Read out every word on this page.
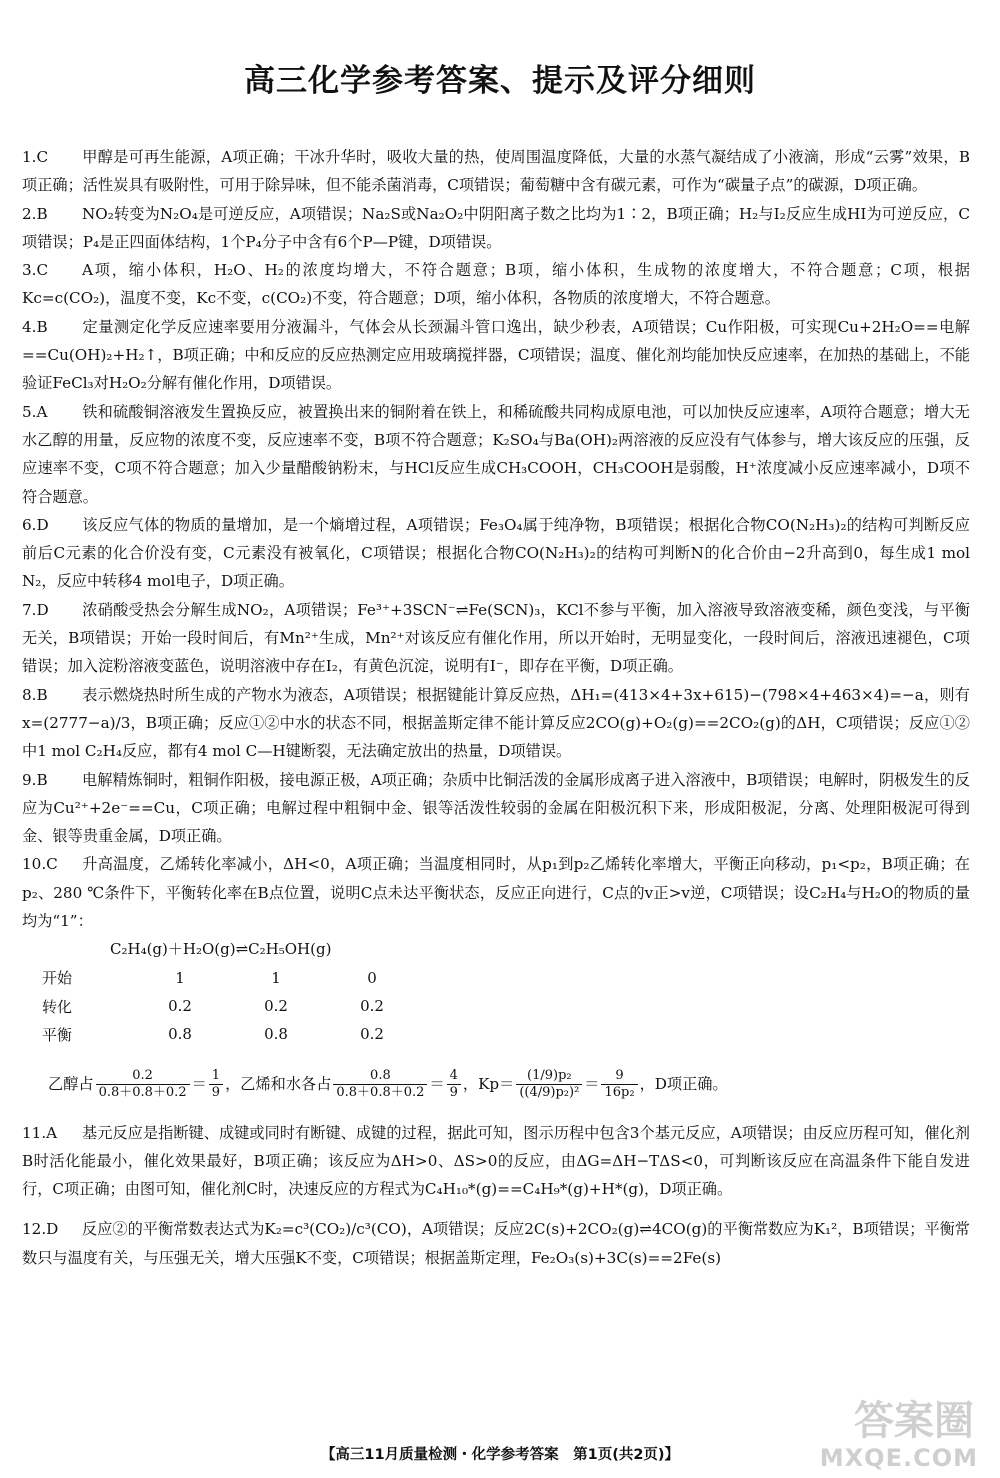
高三化学参考答案、提示及评分细则

1.C 甲醇是可再生能源，A项正确；干冰升华时，吸收大量的热，使周围温度降低，大量的水蒸气凝结成了小液滴，形成“云雾”效果，B项正确；活性炭具有吸附性，可用于除异味，但不能杀菌消毒，C项错误；葡萄糖中含有碳元素，可作为“碳量子点”的碳源，D项正确。

2.B NO₂转变为N₂O₄是可逆反应，A项错误；Na₂S或Na₂O₂中阴阳离子数之比均为1∶2，B项正确；H₂与I₂反应生成HI为可逆反应，C项错误；P₄是正四面体结构，1个P₄分子中含有6个P—P键，D项错误。

3.C A项，缩小体积，H₂O、H₂的浓度均增大，不符合题意；B项，缩小体积，生成物的浓度增大，不符合题意；C项，根据Kc=c(CO₂)，温度不变，Kc不变，c(CO₂)不变，符合题意；D项，缩小体积，各物质的浓度增大，不符合题意。

4.B 定量测定化学反应速率要用分液漏斗，气体会从长颈漏斗管口逸出，缺少秒表，A项错误；Cu作阳极，可实现Cu+2H₂O==电解==Cu(OH)₂+H₂↑，B项正确；中和反应的反应热测定应用玻璃搅拌器，C项错误；温度、催化剂均能加快反应速率，在加热的基础上，不能验证FeCl₃对H₂O₂分解有催化作用，D项错误。

5.A 铁和硫酸铜溶液发生置换反应，被置换出来的铜附着在铁上，和稀硫酸共同构成原电池，可以加快反应速率，A项符合题意；增大无水乙醇的用量，反应物的浓度不变，反应速率不变，B项不符合题意；K₂SO₄与Ba(OH)₂两溶液的反应没有气体参与，增大该反应的压强，反应速率不变，C项不符合题意；加入少量醋酸钠粉末，与HCl反应生成CH₃COOH，CH₃COOH是弱酸，H⁺浓度减小反应速率减小，D项不符合题意。

6.D 该反应气体的物质的量增加，是一个熵增过程，A项错误；Fe₃O₄属于纯净物，B项错误；根据化合物CO(N₂H₃)₂的结构可判断反应前后C元素的化合价没有变，C元素没有被氧化，C项错误；根据化合物CO(N₂H₃)₂的结构可判断N的化合价由−2升高到0，每生成1 mol N₂，反应中转移4 mol电子，D项正确。

7.D 浓硝酸受热会分解生成NO₂，A项错误；Fe³⁺+3SCN⁻⇌Fe(SCN)₃，KCl不参与平衡，加入溶液导致溶液变稀，颜色变浅，与平衡无关，B项错误；开始一段时间后，有Mn²⁺生成，Mn²⁺对该反应有催化作用，所以开始时，无明显变化，一段时间后，溶液迅速褪色，C项错误；加入淀粉溶液变蓝色，说明溶液中存在I₂，有黄色沉淀，说明有I⁻，即存在平衡，D项正确。

8.B 表示燃烧热时所生成的产物水为液态，A项错误；根据键能计算反应热，ΔH₁=(413×4+3x+615)−(798×4+463×4)=−a，则有x=(2777−a)/3，B项正确；反应①②中水的状态不同，根据盖斯定律不能计算反应2CO(g)+O₂(g)==2CO₂(g)的ΔH，C项错误；反应①②中1 mol C₂H₄反应，都有4 mol C—H键断裂，无法确定放出的热量，D项错误。

9.B 电解精炼铜时，粗铜作阳极，接电源正极，A项正确；杂质中比铜活泼的金属形成离子进入溶液中，B项错误；电解时，阴极发生的反应为Cu²⁺+2e⁻==Cu，C项正确；电解过程中粗铜中金、银等活泼性较弱的金属在阳极沉积下来，形成阳极泥，分离、处理阳极泥可得到金、银等贵重金属，D项正确。

10.C 升高温度，乙烯转化率减小，ΔH<0，A项正确；当温度相同时，从p₁到p₂乙烯转化率增大，平衡正向移动，p₁<p₂，B项正确；在p₂、280 ℃条件下，平衡转化率在B点位置，说明C点未达平衡状态，反应正向进行，C点的v正>v逆，C项错误；设C₂H₄与H₂O的物质的量均为“1”：

C₂H₄(g)＋H₂O(g)⇌C₂H₅OH(g)
开始	1	1	0
转化	0.2	0.2	0.2
平衡	0.8	0.8	0.2

乙醇占 $\frac{0.2}{0.8+0.8+0.2} = \frac{1}{9}$ ，乙烯和水各占 $\frac{0.8}{0.8+0.8+0.2} = \frac{4}{9}$ ，$Kp= \frac{\text{(1/9)p₂}}{\text{((4/9)p₂)²}} = \frac{9}{\text{16p₂}}$ ，D项正确。

11.A 基元反应是指断键、成键或同时有断键、成键的过程，据此可知，图示历程中包含3个基元反应，A项错误；由反应历程可知，催化剂B时活化能最小，催化效果最好，B项正确；该反应为ΔH>0、ΔS>0的反应，由ΔG=ΔH−TΔS<0，可判断该反应在高温条件下能自发进行，C项正确；由图可知，催化剂C时，决速反应的方程式为C₄H₁₀*(g)==C₄H₉*(g)+H*(g)，D项正确。

12.D 反应②的平衡常数表达式为K₂=c³(CO₂)/c³(CO)，A项错误；反应2C(s)+2CO₂(g)⇌4CO(g)的平衡常数应为K₁²，B项错误；平衡常数只与温度有关，与压强无关，增大压强K不变，C项错误；根据盖斯定理，Fe₂O₃(s)+3C(s)==2Fe(s)

【高三11月质量检测・化学参考答案　第1页(共2页)】
答案圈
MXQE.COM
